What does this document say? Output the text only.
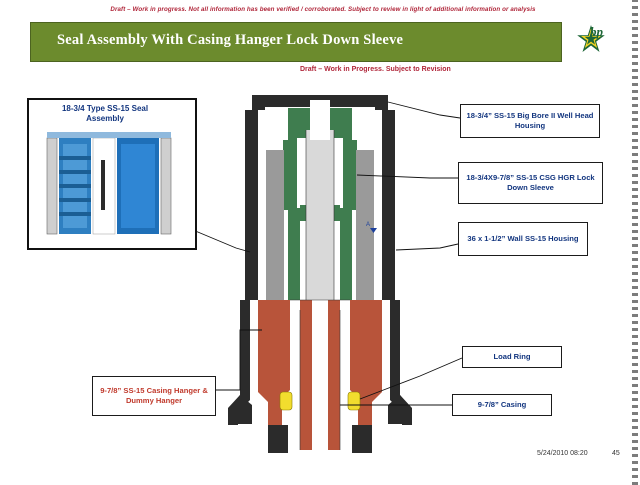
Draft – Work in progress. Not all information has been verified / corroborated. Subject to review in light of additional information or analysis
Seal Assembly With Casing Hanger Lock Down Sleeve
bp
Draft – Work in Progress. Subject to Revision
A
18-3/4 Type SS-15 Seal Assembly	18-3/4” SS-15 Big Bore II Well Head Housing
18-3/4X9-7/8” SS-15 CSG HGR Lock Down Sleeve
36 x 1-1/2” Wall SS-15 Housing
Load Ring
9-7/8” Casing
9-7/8” SS-15 Casing Hanger & Dummy Hanger
5/24/2010 08:20	45
